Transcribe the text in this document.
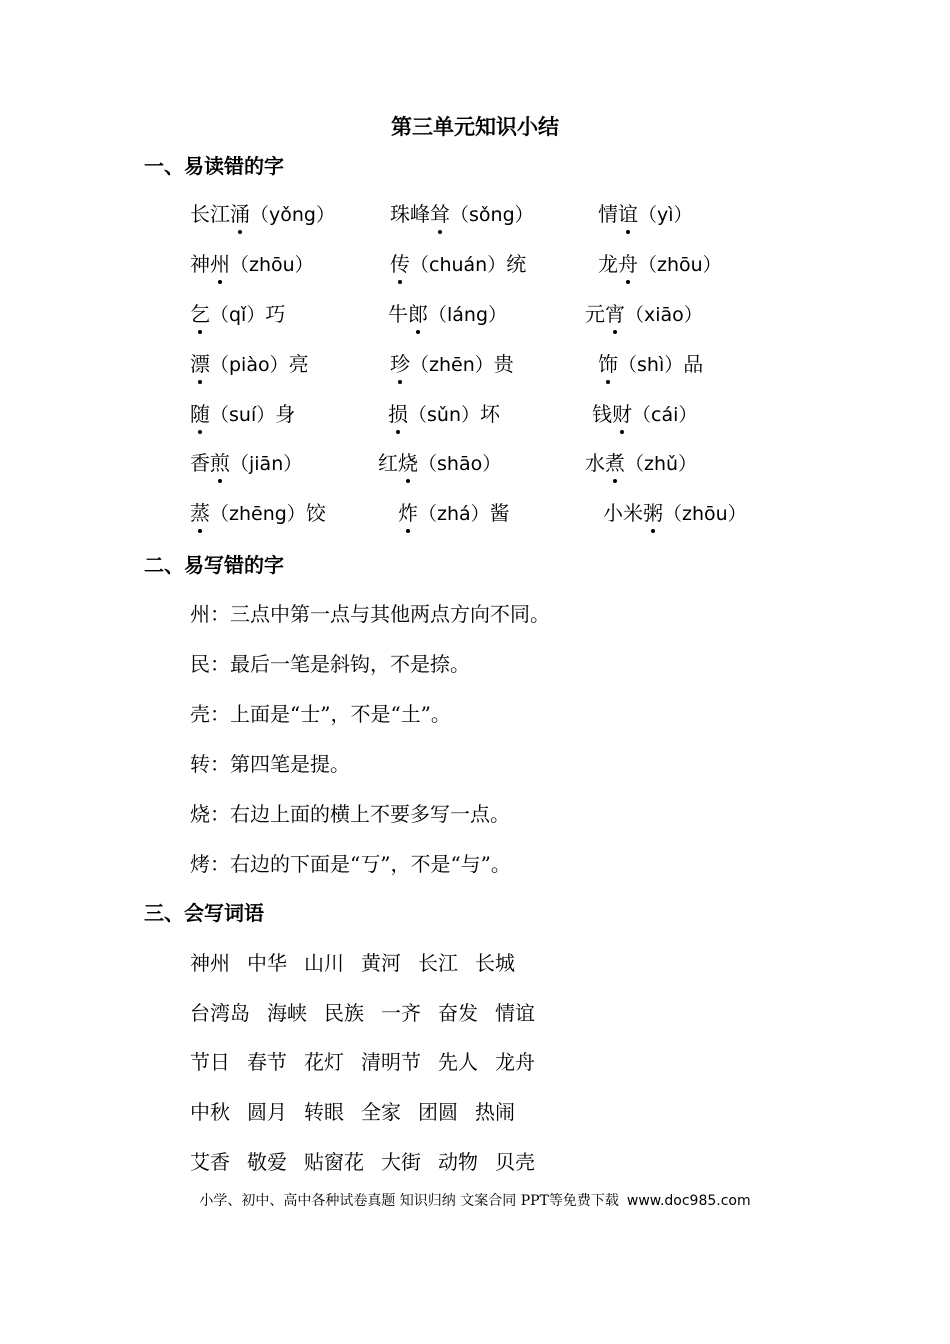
第三单元知识小结
一、易读错的字
长江涌（yǒng）	珠峰耸（sǒng）	情谊（yì）
神州（zhōu）	传（chuán）统	龙舟（zhōu）
乞（qǐ）巧	牛郎（láng）	元宵（xiāo）
漂（piào）亮	珍（zhēn）贵	饰（shì）品
随（suí）身	损（sǔn）坏	钱财（cái）
香煎（jiān）	红烧（shāo）	水煮（zhǔ）
蒸（zhēng）饺	炸（zhá）酱	小米粥（zhōu）
二、易写错的字
州：三点中第一点与其他两点方向不同。
民：最后一笔是斜钩，不是捺。
壳：上面是“士”，不是“土”。
转：第四笔是提。
烧：右边上面的横上不要多写一点。
烤：右边的下面是“丂”，不是“与”。
三、会写词语
神州 中华 山川 黄河 长江 长城
台湾岛 海峡 民族 一齐 奋发 情谊
节日 春节 花灯 清明节 先人 龙舟
中秋 圆月 转眼 全家 团圆 热闹
艾香 敬爱 贴窗花 大街 动物 贝壳
小学、初中、高中各种试卷真题 知识归纳 文案合同 PPT等免费下载 www.doc985.com
